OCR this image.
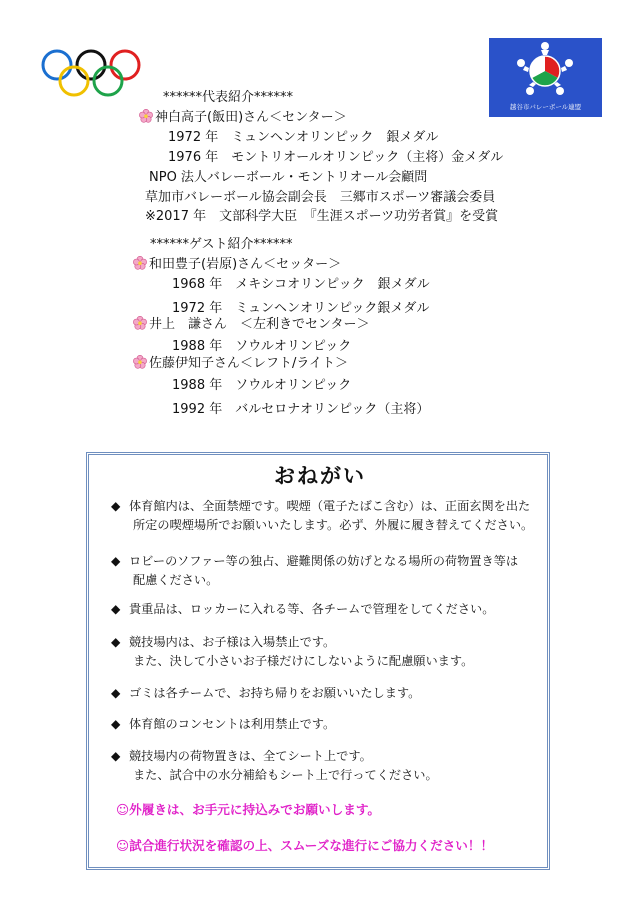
越谷市バレーボール連盟
******代表紹介******
神白高子(飯田)さん＜センター＞
1972 年　ミュンヘンオリンピック　銀メダル
1976 年　モントリオールオリンピック（主将）金メダル
NPO 法人バレーボール・モントリオール会顧問
草加市バレーボール協会副会長　三郷市スポーツ審議会委員
※2017 年　文部科学大臣　『生涯スポーツ功労者賞』を受賞
******ゲスト紹介******
和田豊子(岩原)さん＜セッター＞
1968 年　メキシコオリンピック　銀メダル
1972 年　ミュンヘンオリンピック銀メダル
井上　謙さん　＜左利きでセンター＞
1988 年　ソウルオリンピック
佐藤伊知子さん＜レフト/ライト＞
1988 年　ソウルオリンピック
1992 年　バルセロナオリンピック（主将）
おねがい
◆ 体育館内は、全面禁煙です。喫煙（電子たばこ含む）は、正面玄関を出た
所定の喫煙場所でお願いいたします。必ず、外履に履き替えてください。
◆ ロビーのソファー等の独占、避難関係の妨げとなる場所の荷物置き等は
配慮ください。
◆ 貴重品は、ロッカーに入れる等、各チームで管理をしてください。
◆ 競技場内は、お子様は入場禁止です。
また、決して小さいお子様だけにしないように配慮願います。
◆ ゴミは各チームで、お持ち帰りをお願いいたします。
◆ 体育館のコンセントは利用禁止です。
◆ 競技場内の荷物置きは、全てシート上です。
また、試合中の水分補給もシート上で行ってください。
☺外履きは、お手元に持込みでお願いします。
☺試合進行状況を確認の上、スムーズな進行にご協力ください！！
